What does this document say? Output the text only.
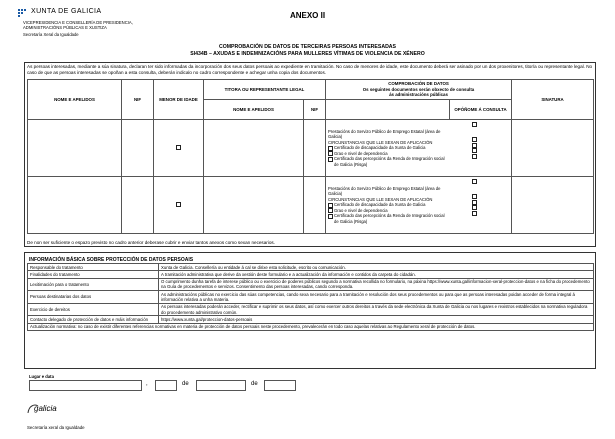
XUNTA DE GALICIA
VICEPRESIDENCIA E CONSELLERÍA DE PRESIDENCIA,
ADMINISTRACIÓNS PÚBLICAS E XUSTIZA
Secretaría Xeral da Igualdade
ANEXO II
COMPROBACIÓN DE DATOS DE TERCEIRAS PERSOAS INTERESADAS
SI434B – AXUDAS E INDEMNIZACIÓNS PARA MULLERES VÍTIMAS DE VIOLENCIA DE XÉNERO
As persoas interesadas, mediante a súa sinatura, declaran ter sido informadas da incorporación dos seus datos persoais ao expediente en tramitación. No caso de menores de idade, este documento deberá ser asinado por un dos proxenitores, titor/a ou representante legal. No caso de que as persoas interesadas se opoñan a esta consulta, deberán indicalo no cadro correspondente e achegar unha copia dos documentos.
NOME E APELIDOS	NIF	MENOR DE IDADE	TITORA OU REPRESENTANTE LEGAL		COMPROBACIÓN DE DATOS
Os seguintes documentos serán obxecto de consulta
ás administracións públicas		SINATURA
			NOME E APELIDOS	NIF		OPÓÑOME Á CONSULTA	

					Prestacións do Servizo Público de Emprego Estatal (área de Galicia)
CIRCUNSTANCIAS QUE LLE SEXAN DE APLICACIÓN
Certificado de discapacidade da Xunta de Galicia
Grao e nivel de dependencia
Certificado das percepcións da Renda de Integración social de Galicia (Risga)		

					Prestacións do Servizo Público de Emprego Estatal (área de Galicia)
CIRCUNSTANCIAS QUE LLE SEXAN DE APLICACIÓN
Certificado de discapacidade da Xunta de Galicia
Grao e nivel de dependencia
Certificado das percepcións da Renda de Integración social de Galicia (Risga)		

De non ser suficiente o espazo previsto no cadro anterior deberase cubrir e enviar tantos anexos como sexan necesarios.
INFORMACIÓN BÁSICA SOBRE PROTECCIÓN DE DATOS PERSOAIS
Responsable do tratamento	Xunta de Galicia. Consellería ou entidade á cal se dirixe esta solicitude, escrito ou comunicación.
Finalidades do tratamento	A tramitación administrativa que derive da xestión deste formulario e a actualización da información e contidos da carpeta do cidadán.
Lexitimación para o tratamento	O cumprimento dunha tarefa de interese público ou o exercicio de poderes públicos segundo a normativa recollida no formulario, na páxina https://www.xunta.gal/informacion-xeral-proteccion-datos e na ficha do procedemento na Guía de procedementos e servizos. Consentimento das persoas interesadas, cando corresponda.
Persoas destinatarias dos datos	As administracións públicas no exercicio das súas competencias, cando sexa necesario para a tramitación e resolución dos seus procedementos ou para que as persoas interesadas poidan acceder de forma integral á información relativa a unha materia.
Exercicio de dereitos	As persoas interesadas poderán acceder, rectificar e suprimir os seus datos, así como exercer outros dereitos a través da sede electrónica da Xunta de Galicia ou nos lugares e rexistros establecidos na normativa reguladora do procedemento administrativo común.
Contacto delegado de protección de datos e máis información	https://www.xunta.gal/proteccion-datos-persoais
Actualización normativa: no caso de existir diferentes referencias normativas en materia de protección de datos persoais neste procedemento, prevalecerán en todo caso aquelas relativas ao Regulamento xeral de protección de datos.	
Lugar e data
,	de	de
galicia
Secretaría xeral da Igualdade
